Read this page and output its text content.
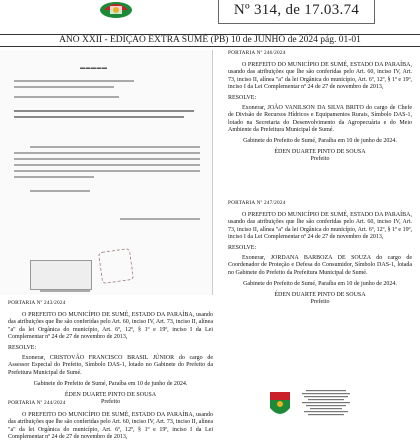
Nº 314, de 17.03.74
ANO XXII - EDIÇÃO EXTRA SUMÉ (PB) 10 de JUNHO de 2024 pág. 01-01
▬▬▬▬▬

PORTARIA Nº 243/2024

O PREFEITO DO MUNICÍPIO DE SUMÉ, ESTADO DA PARAÍBA, usando das atribuições que lhe são conferidas pelo Art. 60, inciso IV, Art. 73, inciso II, alínea "a" da lei Orgânica do município, Art. 6º, 12º, § 1º e 19º, inciso I da Lei Complementar nº 24 de 27 de novembro de 2013,

RESOLVE:

Exonerar, CRISTOVÃO FRANCISCO BRASIL JÚNIOR do cargo de Assessor Especial do Prefeito, Símbolo DAS-1, lotado no Gabinete do Prefeito da Prefeitura Municipal de Sumé.

Gabinete do Prefeito de Sumé, Paraíba em 10 de junho de 2024.

ÉDEN DUARTE PINTO DE SOUSA

Prefeito

PORTARIA Nº 244/2024

O PREFEITO DO MUNICÍPIO DE SUMÉ, ESTADO DA PARAÍBA, usando das atribuições que lhe são conferidas pelo Art. 60, inciso IV, Art. 73, inciso II, alínea "a" da lei Orgânica do município, Art. 6º, 12º, § 1º e 19º, inciso I da Lei Complementar nº 24 de 27 de novembro de 2013,

PORTARIA Nº 246/2024

O PREFEITO DO MUNICÍPIO DE SUMÉ, ESTADO DA PARAÍBA, usando das atribuições que lhe são conferidas pelo Art. 60, inciso IV, Art. 73, inciso II, alínea "a" da lei Orgânica do município, Art. 6º, 12º, § 1º e 19º, inciso I da Lei Complementar nº 24 de 27 de novembro de 2013,

RESOLVE:

Exonerar, JOÃO VANILSON DA SILVA BRITO do cargo de Chefe de Divisão de Recursos Hídricos e Equipamentos Rurais, Símbolo DAS-1, lotado na Secretaria do Desenvolvimento da Agropecuária e do Meio Ambiente da Prefeitura Municipal de Sumé.

Gabinete do Prefeito de Sumé, Paraíba em 10 de junho de 2024.

ÉDEN DUARTE PINTO DE SOUSA

Prefeito

PORTARIA Nº 247/2024

O PREFEITO DO MUNICÍPIO DE SUMÉ, ESTADO DA PARAÍBA, usando das atribuições que lhe são conferidas pelo Art. 60, inciso IV, Art. 73, inciso II, alínea "a" da lei Orgânica do município, Art. 6º, 12º, § 1º e 19º, inciso I da Lei Complementar nº 24 de 27 de novembro de 2013,

RESOLVE:

Exonerar, JORDANA BARBOZA DE SOUZA do cargo de Coordenador de Proteção e Defesa do Consumidor, Símbolo DAS-1, lotada no Gabinete do Prefeito da Prefeitura Municipal de Sumé.

Gabinete do Prefeito de Sumé, Paraíba em 10 de junho de 2024.

ÉDEN DUARTE PINTO DE SOUSA

Prefeito
